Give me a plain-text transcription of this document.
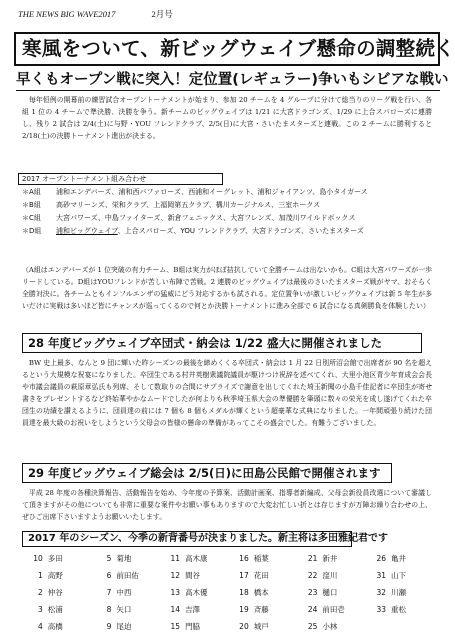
THE NEWS BIG WAVE2017	2月号
寒風をついて、新ビッグウェイブ懸命の調整続く
早くもオープン戦に突入！定位置(レギュラー)争いもシビアな戦い
毎年恒例の開幕前の練習試合オープントーナメントが始まり、参加 20 チームを 4 グループに分けて総当りのリーグ戦を行い、各組 1 位の 4 チームで準決勝、決勝を争う。新チームのビッグウェイブは 1/21 に大宮ドラゴンズ、1/29 に上合スパローズに連勝し、残り 2 試合は 2/4(土)に与野・YOU フレンドクラブ、2/5(日)に大宮・さいたまスターズと連戦。この 2 チームに勝利すると 2/18(土)の決勝トーナメント進出が決まる。
2017 オープントーナメント組み合わせ
＊A組 浦和エンデバーズ、浦和西バファローズ、西浦和イーグレット、浦和ジャイアンツ、島小タイガース
＊B組 高砂マリーンズ、栄和クラブ、上福岡第五クラブ、構川カージナルス、三室ホークス
＊C組 大宮パワーズ、中島ファイターズ、新倉フェニックス、大宮フレンズ、加茂川ワイルドボックス
＊D組 浦和ビッグウェイブ、上合スパローズ、YOU フレンドクラブ、大宮ドラゴンズ、さいたまスターズ
（A組はエンデバーズが 1 位突破の有力チーム、B組は実力がほぼ拮抗していて全勝チームは出ないかも。C組は大宮パワーズが一歩リードしている。D組はYOUフレンドが苦しい布陣で苦戦。2 連勝のビッグウェイブは最後のさいたまスターズ戦がヤマ、おそらく全勝対決に。各チームともインフルエンザの猛威にどう対応するかも試される。定位置争いが激しいビッグウェイブは新 5 年生が多いだけに実戦は多いほど皆にチャンスが巡ってくるので何とか決勝トーナメントに進み全部で 6 試合になる真剣勝負を体験したい）
28 年度ビッグウェイブ卒団式・納会は 1/22 盛大に開催されました
BW 史上最多、なんと 9 団に輝いた昨シーズンの最後を締めくくる卒団式・納会は 1 月 22 日別所沼会館で出席者が 90 名を超えるという大規模な祝宴になりました。卒団生である村井英樹衆議院議員が駆けつけ祝辞を述べてくれ、大里小池区青少年育成会会長や市議会議員の萩原章弘氏も列席、そして数取りの合間にサプライズで謝意を出してくれた埼玉新聞の小島千佳記者に卒団生が寄せ書きをプレゼントするなど終始華やかなムードでしたが何よりも秋季埼玉県大会の準優勝を筆頭に数々の栄光を成し遂げてくれた卒団生の功績を讃えるように、団員達の前には 7 個も 8 個もメダルが輝くという超豪華な式典になりました。一年間頑張り続けた団員達を最大級のお祝いをしようという父母会の皆様の懸命の準備があってこその盛会でした。有難うございました。
29 年度ビッグウェイブ総会は 2/5(日)に田島公民館で開催されます
平成 28 年度の各種決算報告、活動報告を始め、今年度の予算案、活動計画案、指導者新編成、父母会新役員改選について審議して頂きますがその他についても非常に重要な案件やお願い事もありますので大変お忙しい折とは存じますが万障お繰り合わせの上、ぜひご出席下さいますようお願いいたします。
2017 年のシーズン、今季の新背番号が決まりました。新主将は多田雅紀君です
10	多田	5	菊地	11	高木康	16	稲葉	21	新井	26	亀井
1	高野	6	前田佑	12	間谷	17	花田	22	窪川	31	山下
2	仲谷	7	中西	13	高木優	18	橋本	23	樋口	32	川瀬
3	松浦	8	矢口	14	吉澤	19	斉藤	24	前田壱	33	重松
4	高橋	9	尾迫	15	門脇	20	城戸	25	小林		
